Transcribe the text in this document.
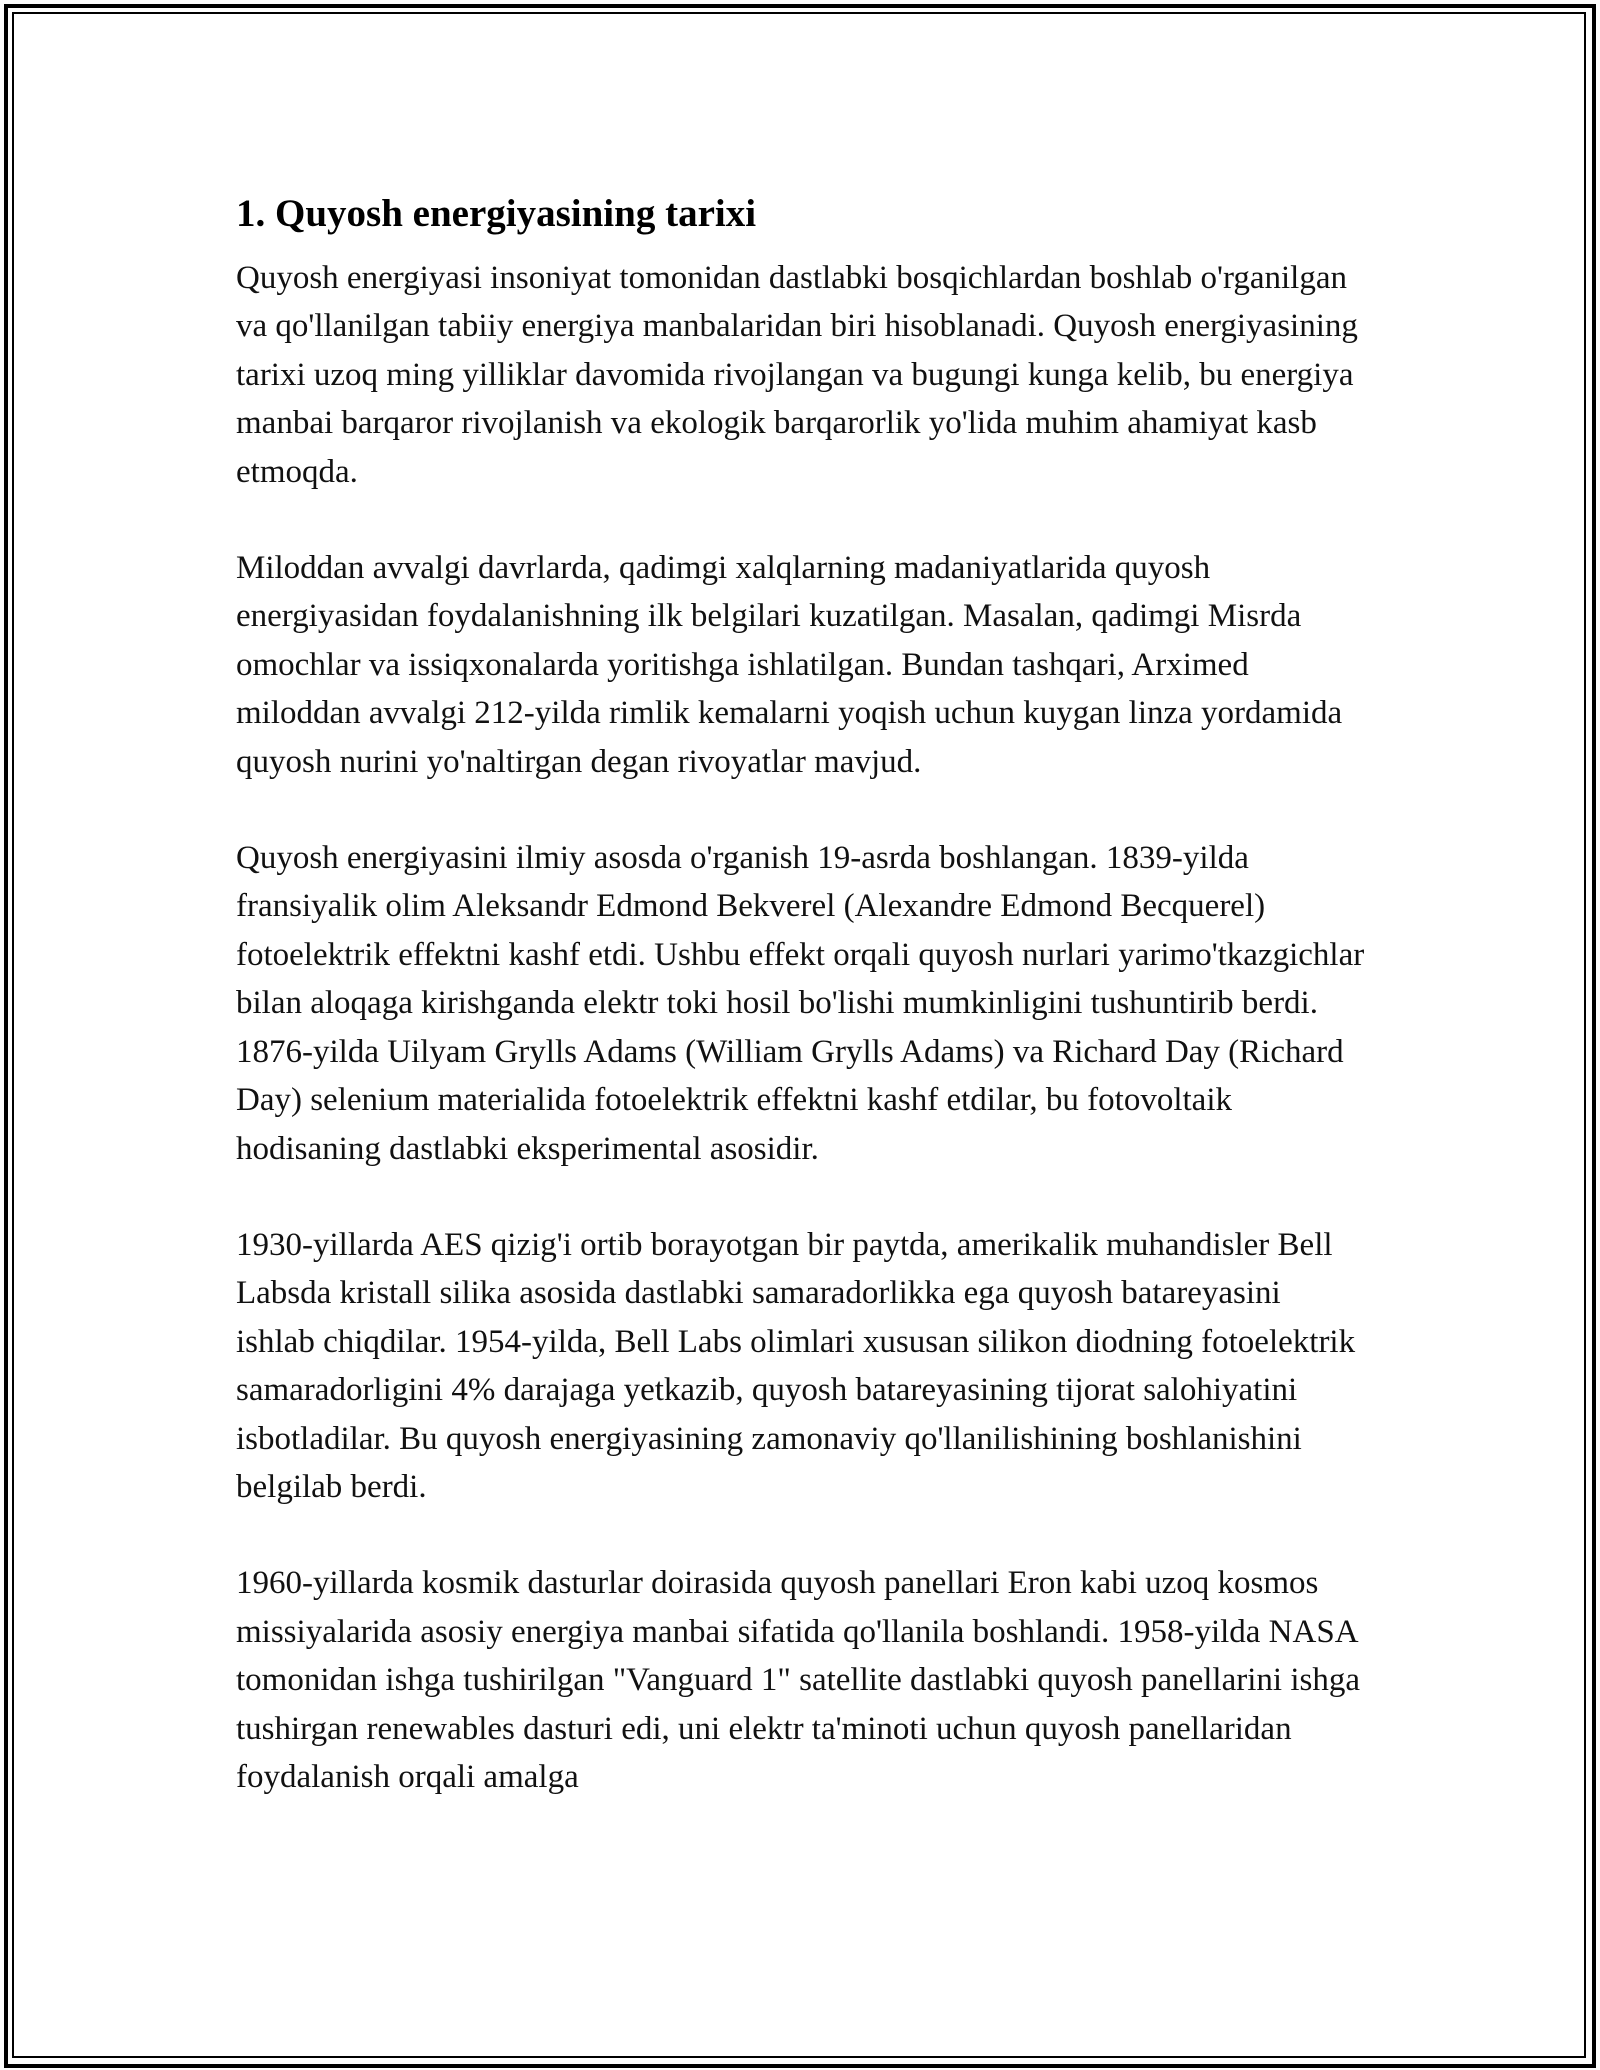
1. Quyosh energiyasining tarixi

Quyosh energiyasi insoniyat tomonidan dastlabki bosqichlardan boshlab o'rganilgan va qo'llanilgan tabiiy energiya manbalaridan biri hisoblanadi. Quyosh energiyasining tarixi uzoq ming yilliklar davomida rivojlangan va bugungi kunga kelib, bu energiya manbai barqaror rivojlanish va ekologik barqarorlik yo'lida muhim ahamiyat kasb etmoqda.

Miloddan avvalgi davrlarda, qadimgi xalqlarning madaniyatlarida quyosh energiyasidan foydalanishning ilk belgilari kuzatilgan. Masalan, qadimgi Misrda omochlar va issiqxonalarda yoritishga ishlatilgan. Bundan tashqari, Arximed miloddan avvalgi 212-yilda rimlik kemalarni yoqish uchun kuygan linza yordamida quyosh nurini yo'naltirgan degan rivoyatlar mavjud.

Quyosh energiyasini ilmiy asosda o'rganish 19-asrda boshlangan. 1839-yilda fransiyalik olim Aleksandr Edmond Bekverel (Alexandre Edmond Becquerel) fotoelektrik effektni kashf etdi. Ushbu effekt orqali quyosh nurlari yarimo'tkazgichlar bilan aloqaga kirishganda elektr toki hosil bo'lishi mumkinligini tushuntirib berdi. 1876-yilda Uilyam Grylls Adams (William Grylls Adams) va Richard Day (Richard Day) selenium materialida fotoelektrik effektni kashf etdilar, bu fotovoltaik hodisaning dastlabki eksperimental asosidir.

1930-yillarda AES qizig'i ortib borayotgan bir paytda, amerikalik muhandisler Bell Labsda kristall silika asosida dastlabki samaradorlikka ega quyosh batareyasini ishlab chiqdilar. 1954-yilda, Bell Labs olimlari xususan silikon diodning fotoelektrik samaradorligini 4% darajaga yetkazib, quyosh batareyasining tijorat salohiyatini isbotladilar. Bu quyosh energiyasining zamonaviy qo'llanilishining boshlanishini belgilab berdi.

1960-yillarda kosmik dasturlar doirasida quyosh panellari Eron kabi uzoq kosmos missiyalarida asosiy energiya manbai sifatida qo'llanila boshlandi. 1958-yilda NASA tomonidan ishga tushirilgan "Vanguard 1" satellite dastlabki quyosh panellarini ishga tushirgan renewables dasturi edi, uni elektr ta'minoti uchun quyosh panellaridan foydalanish orqali amalga
